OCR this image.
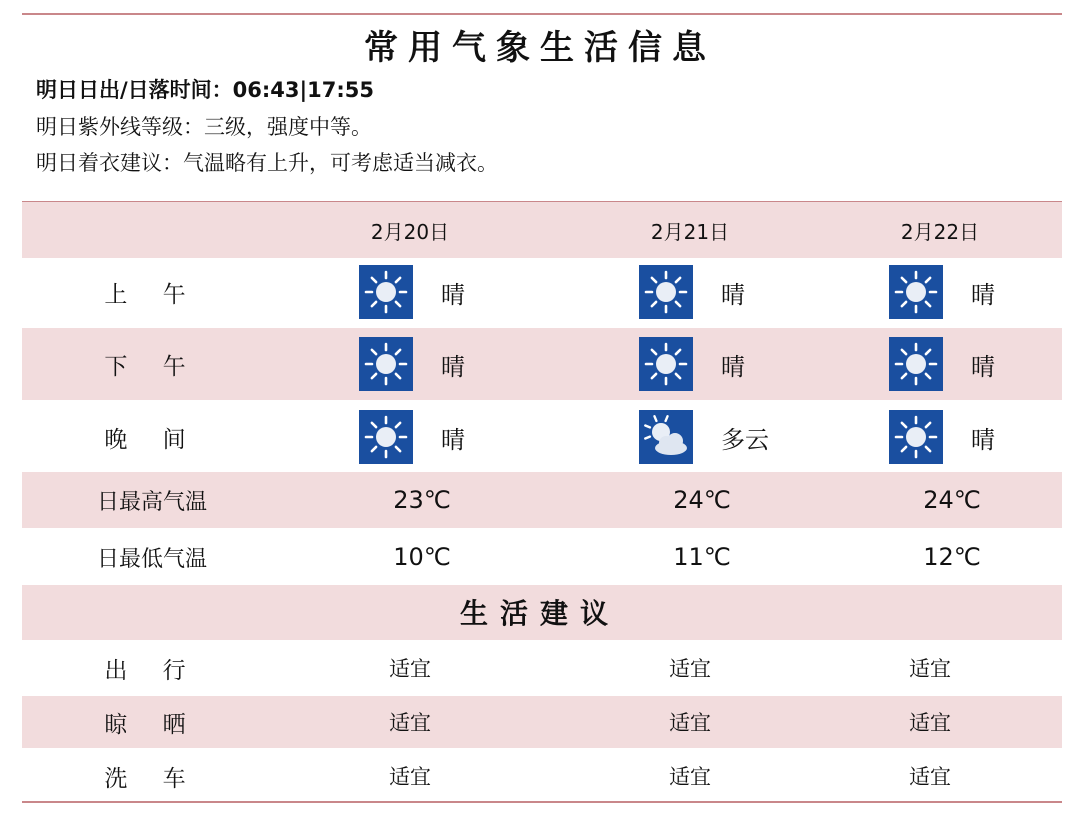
常用气象生活信息
明日日出/日落时间：06:43|17:55
明日紫外线等级：三级，强度中等。
明日着衣建议：气温略有上升，可考虑适当减衣。
2月20日	2月21日	2月22日
上 午	晴	晴	晴
下 午	晴	晴	晴
晚 间	晴	多云	晴
日最高气温	23℃	24℃	24℃
日最低气温	10℃	11℃	12℃
生活建议
出 行	适宜	适宜	适宜
晾 晒	适宜	适宜	适宜
洗 车	适宜	适宜	适宜
